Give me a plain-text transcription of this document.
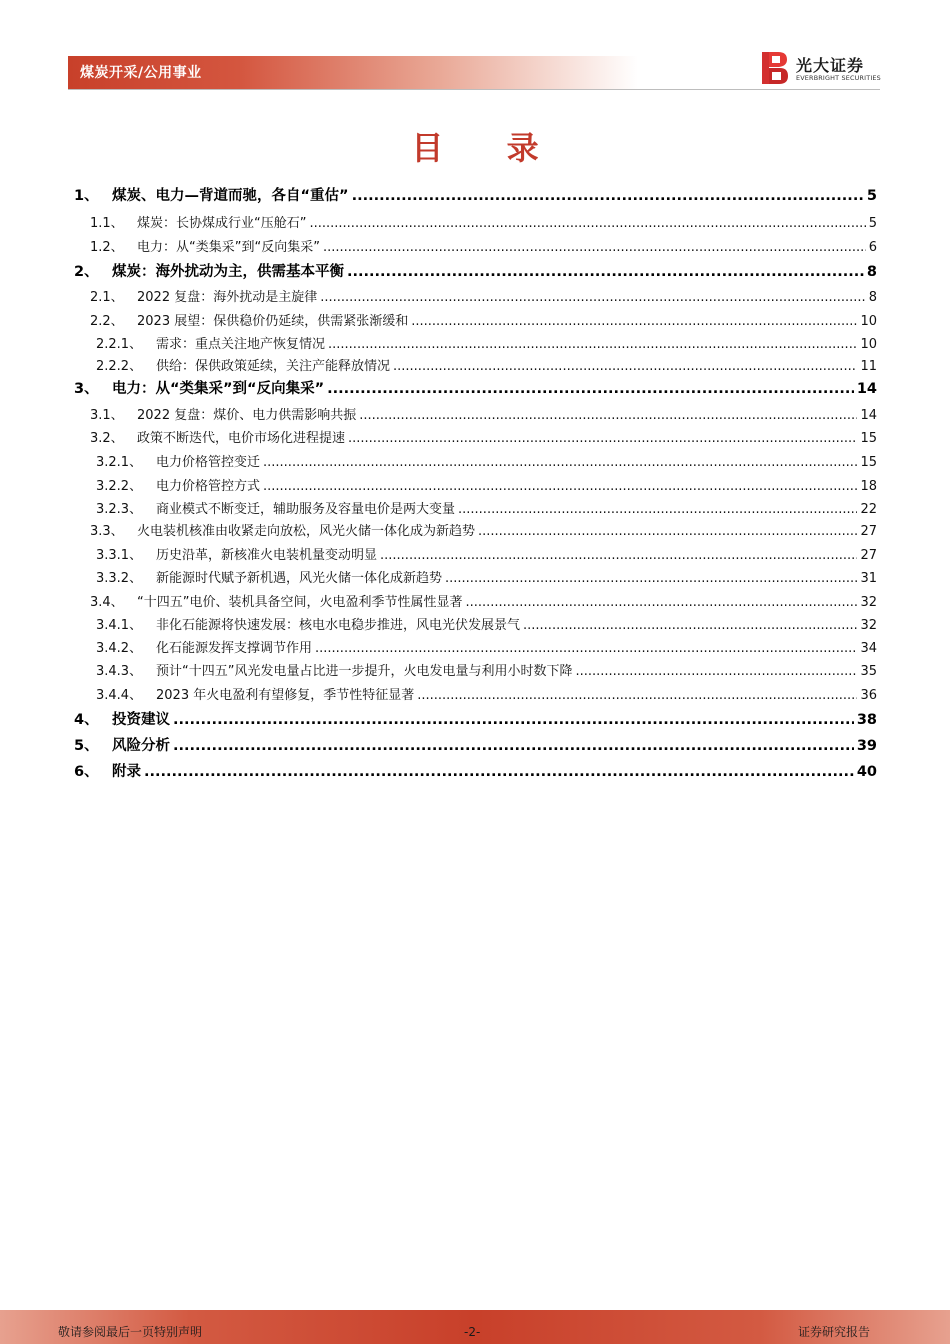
煤炭开采/公用事业	光大证券
EVERBRIGHT SECURITIES
目 录
1、 煤炭、电力—背道而驰，各自“重估” .....	5
1.1、	煤炭：长协煤成行业“压舱石” .....	5
1.2、	电力：从“类集采”到“反向集采” .....	6
2、 煤炭：海外扰动为主，供需基本平衡 .....	8
2.1、	2022 复盘：海外扰动是主旋律 .....	8
2.2、	2023 展望：保供稳价仍延续，供需紧张渐缓和 .....	10
2.2.1、	需求：重点关注地产恢复情况 .....	10
2.2.2、	供给：保供政策延续，关注产能释放情况 .....	11
3、 电力：从“类集采”到“反向集采” .....	14
3.1、	2022 复盘：煤价、电力供需影响共振 .....	14
3.2、	政策不断迭代，电价市场化进程提速 .....	15
3.2.1、	电力价格管控变迁 .....	15
3.2.2、	电力价格管控方式 .....	18
3.2.3、	商业模式不断变迁，辅助服务及容量电价是两大变量 .....	22
3.3、	火电装机核准由收紧走向放松，风光火储一体化成为新趋势 .....	27
3.3.1、	历史沿革，新核准火电装机量变动明显 .....	27
3.3.2、	新能源时代赋予新机遇，风光火储一体化成新趋势 .....	31
3.4、	“十四五”电价、装机具备空间，火电盈利季节性属性显著 .....	32
3.4.1、	非化石能源将快速发展：核电水电稳步推进，风电光伏发展景气 .....	32
3.4.2、	化石能源发挥支撑调节作用 .....	34
3.4.3、	预计“十四五”风光发电量占比进一步提升，火电发电量与利用小时数下降 .....	35
3.4.4、	2023 年火电盈利有望修复，季节性特征显著 .....	36
4、 投资建议 .....	38
5、 风险分析 .....	39
6、 附录 .....	40
敬请参阅最后一页特别声明	-2-	证券研究报告
